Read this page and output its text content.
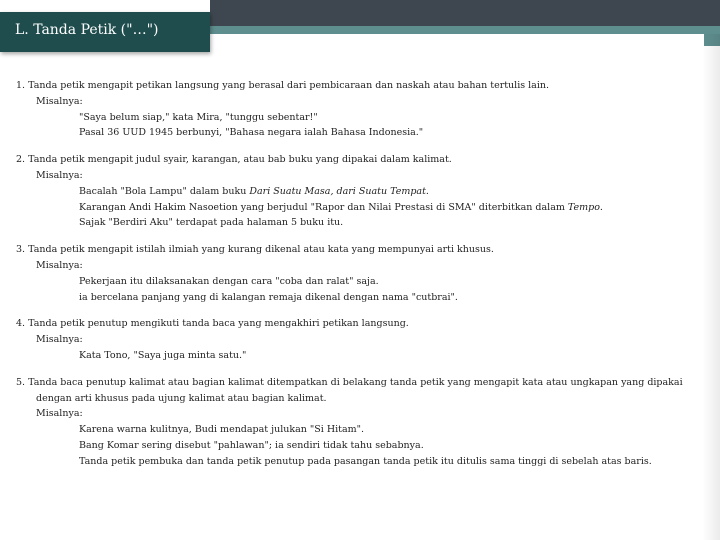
L. Tanda Petik ("…")
1. Tanda petik mengapit petikan langsung yang berasal dari pembicaraan dan naskah atau bahan tertulis lain.
Misalnya:
"Saya belum siap," kata Mira, "tunggu sebentar!"
Pasal 36 UUD 1945 berbunyi, "Bahasa negara ialah Bahasa Indonesia."
2. Tanda petik mengapit judul syair, karangan, atau bab buku yang dipakai dalam kalimat.
Misalnya:
Bacalah "Bola Lampu" dalam buku Dari Suatu Masa, dari Suatu Tempat.
Karangan Andi Hakim Nasoetion yang berjudul "Rapor dan Nilai Prestasi di SMA" diterbitkan dalam Tempo.
Sajak "Berdiri Aku" terdapat pada halaman 5 buku itu.
3. Tanda petik mengapit istilah ilmiah yang kurang dikenal atau kata yang mempunyai arti khusus.
Misalnya:
Pekerjaan itu dilaksanakan dengan cara "coba dan ralat" saja.
ia bercelana panjang yang di kalangan remaja dikenal dengan nama "cutbrai".
4. Tanda petik penutup mengikuti tanda baca yang mengakhiri petikan langsung.
Misalnya:
Kata Tono, "Saya juga minta satu."
5. Tanda baca penutup kalimat atau bagian kalimat ditempatkan di belakang tanda petik yang mengapit kata atau ungkapan yang dipakai dengan arti khusus pada ujung kalimat atau bagian kalimat.
Misalnya:
Karena warna kulitnya, Budi mendapat julukan "Si Hitam".
Bang Komar sering disebut "pahlawan"; ia sendiri tidak tahu sebabnya.
Tanda petik pembuka dan tanda petik penutup pada pasangan tanda petik itu ditulis sama tinggi di sebelah atas baris.
